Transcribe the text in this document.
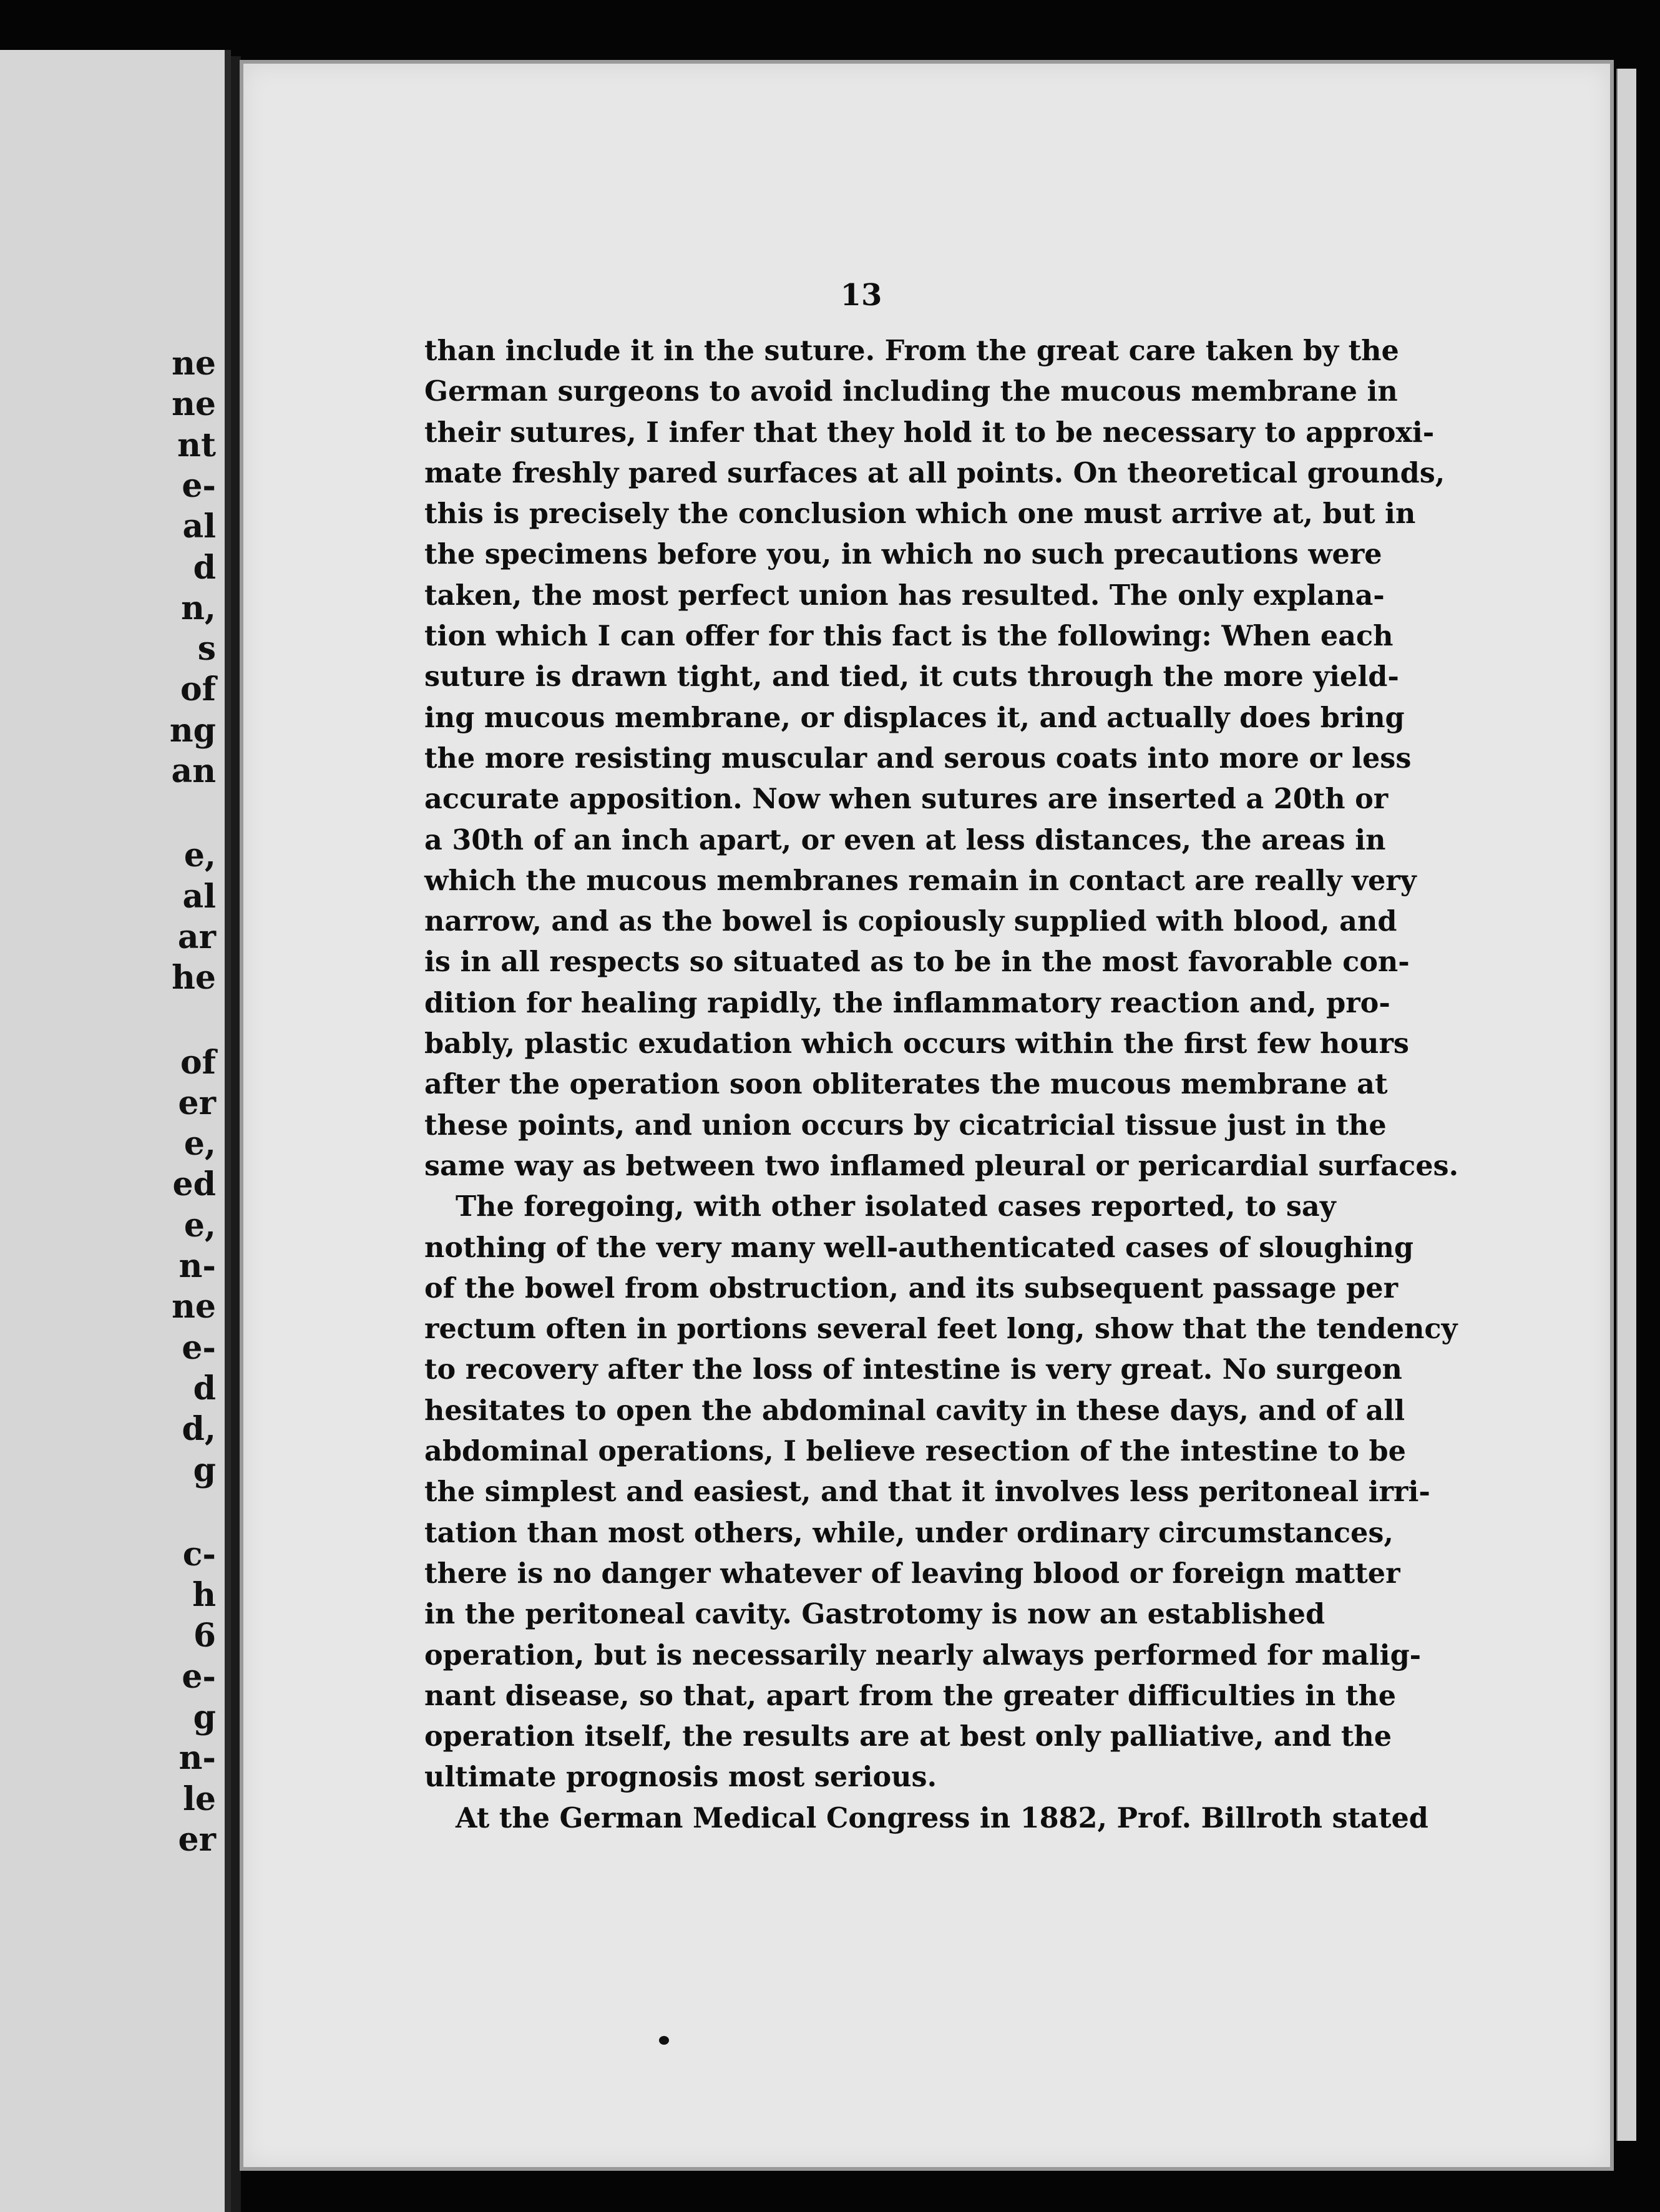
ne
ne
nt
e-
al
d
n,
s
of
ng
an
e,
al
ar
he
of
er
e,
ed
e,
n-
ne
e-
d
d,
g
c-
h
6
e-
g
n-
le
er
13
than include it in the suture. From the great care taken by the
German surgeons to avoid including the mucous membrane in
their sutures, I infer that they hold it to be necessary to approxi-
mate freshly pared surfaces at all points. On theoretical grounds,
this is precisely the conclusion which one must arrive at, but in
the specimens before you, in which no such precautions were
taken, the most perfect union has resulted. The only explana-
tion which I can offer for this fact is the following: When each
suture is drawn tight, and tied, it cuts through the more yield-
ing mucous membrane, or displaces it, and actually does bring
the more resisting muscular and serous coats into more or less
accurate apposition. Now when sutures are inserted a 20th or
a 30th of an inch apart, or even at less distances, the areas in
which the mucous membranes remain in contact are really very
narrow, and as the bowel is copiously supplied with blood, and
is in all respects so situated as to be in the most favorable con-
dition for healing rapidly, the inflammatory reaction and, pro-
bably, plastic exudation which occurs within the first few hours
after the operation soon obliterates the mucous membrane at
these points, and union occurs by cicatricial tissue just in the
same way as between two inflamed pleural or pericardial surfaces.
The foregoing, with other isolated cases reported, to say
nothing of the very many well-authenticated cases of sloughing
of the bowel from obstruction, and its subsequent passage per
rectum often in portions several feet long, show that the tendency
to recovery after the loss of intestine is very great. No surgeon
hesitates to open the abdominal cavity in these days, and of all
abdominal operations, I believe resection of the intestine to be
the simplest and easiest, and that it involves less peritoneal irri-
tation than most others, while, under ordinary circumstances,
there is no danger whatever of leaving blood or foreign matter
in the peritoneal cavity. Gastrotomy is now an established
operation, but is necessarily nearly always performed for malig-
nant disease, so that, apart from the greater difficulties in the
operation itself, the results are at best only palliative, and the
ultimate prognosis most serious.
At the German Medical Congress in 1882, Prof. Billroth stated
